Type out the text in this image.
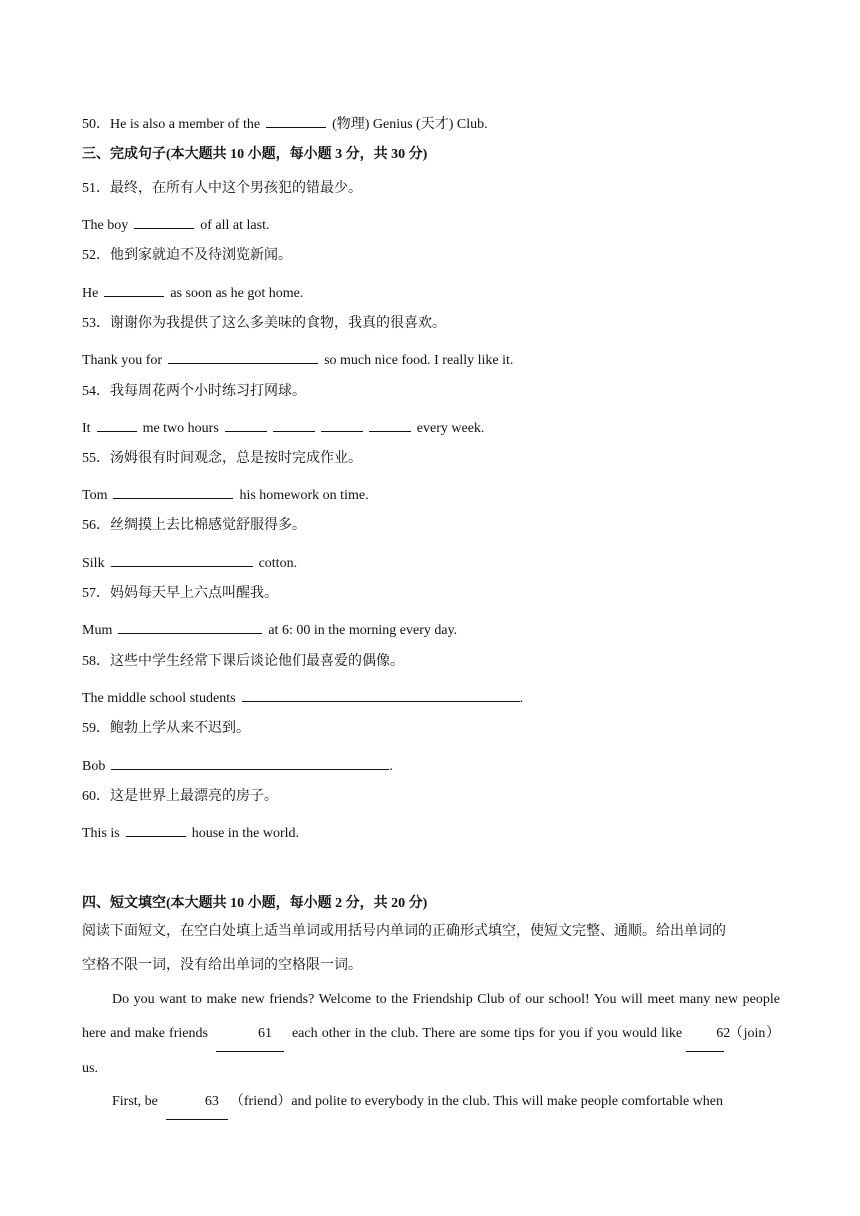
50．He is also a member of the	(物理) Genius (天才) Club.
三、完成句子(本大题共 10 小题，每小题 3 分，共 30 分)
51．最终，在所有人中这个男孩犯的错最少。
The boy	of all at last.
52．他到家就迫不及待浏览新闻。
He	as soon as he got home.
53．谢谢你为我提供了这么多美味的食物，我真的很喜欢。
Thank you for	so much nice food. I really like it.
54．我每周花两个小时练习打网球。
It	me two hours	every week.
55．汤姆很有时间观念，总是按时完成作业。
Tom	his homework on time.
56．丝绸摸上去比棉感觉舒服得多。
Silk	cotton.
57．妈妈每天早上六点叫醒我。
Mum	at 6: 00 in the morning every day.
58．这些中学生经常下课后谈论他们最喜爱的偶像。
The middle school students	.
59．鲍勃上学从来不迟到。
Bob	.
60．这是世界上最漂亮的房子。
This is	house in the world.
四、短文填空(本大题共 10 小题，每小题 2 分，共 20 分)
阅读下面短文，在空白处填上适当单词或用括号内单词的正确形式填空，使短文完整、通顺。给出单词的
空格不限一词，没有给出单词的空格限一词。
Do you want to make new friends? Welcome to the Friendship Club of our school! You will meet many new people here and make friends	61 each other in the club. There are some tips for you if you would like 62（join）us.
First, be	63 （friend）and polite to everybody in the club. This will make people comfortable when
